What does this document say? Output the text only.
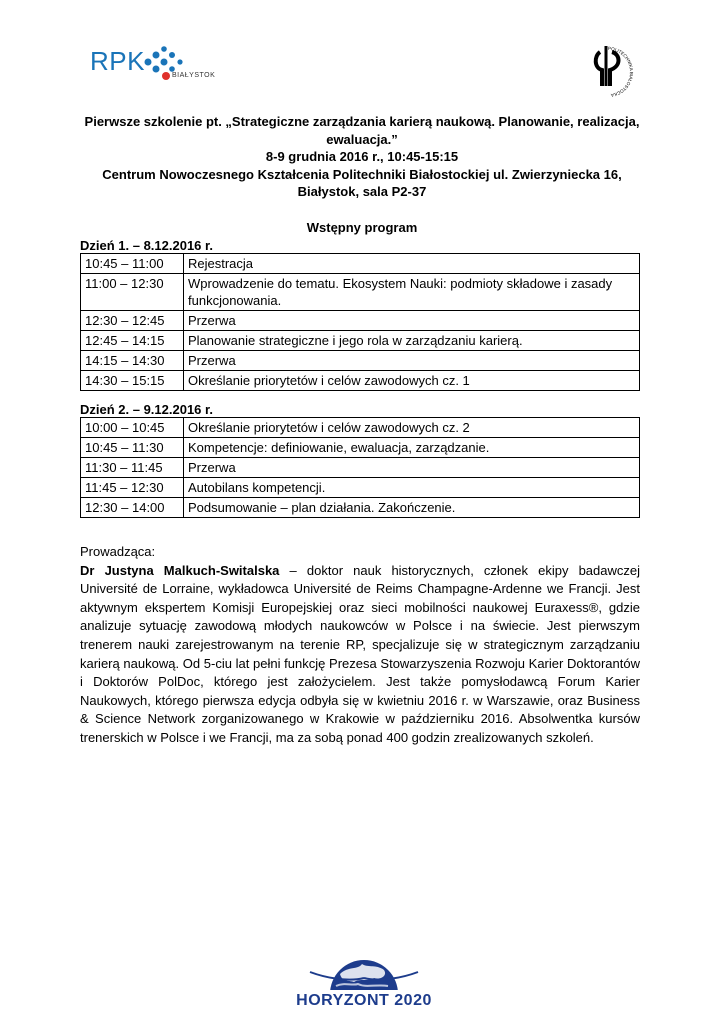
RPK	BIAŁYSTOK
POLITECHNIKA BIAŁOSTOCKA
Pierwsze szkolenie pt. „Strategiczne zarządzania karierą naukową. Planowanie, realizacja,
ewaluacja.”
8-9 grudnia 2016 r., 10:45-15:15
Centrum Nowoczesnego Kształcenia Politechniki Białostockiej ul. Zwierzyniecka 16,
Białystok, sala P2-37
Wstępny program
Dzień 1. – 8.12.2016 r.
10:45 – 11:00	Rejestracja
11:00 – 12:30	Wprowadzenie do tematu. Ekosystem Nauki: podmioty składowe i zasady funkcjonowania.
12:30 – 12:45	Przerwa
12:45 – 14:15	Planowanie strategiczne i jego rola w zarządzaniu karierą.
14:15 – 14:30	Przerwa
14:30 – 15:15	Określanie priorytetów i celów zawodowych cz. 1
Dzień 2. – 9.12.2016 r.
10:00 – 10:45	Określanie priorytetów i celów zawodowych cz. 2
10:45 – 11:30	Kompetencje: definiowanie, ewaluacja, zarządzanie.
11:30 – 11:45	Przerwa
11:45 – 12:30	Autobilans kompetencji.
12:30 – 14:00	Podsumowanie – plan działania. Zakończenie.
Prowadząca:
Dr Justyna Malkuch-Switalska – doktor nauk historycznych, członek ekipy badawczej Université de Lorraine, wykładowca Université de Reims Champagne-Ardenne we Francji. Jest aktywnym ekspertem Komisji Europejskiej oraz sieci mobilności naukowej Euraxess®, gdzie analizuje sytuację zawodową młodych naukowców w Polsce i na świecie. Jest pierwszym trenerem nauki zarejestrowanym na terenie RP, specjalizuje się w strategicznym zarządzaniu karierą naukową. Od 5-ciu lat pełni funkcję Prezesa Stowarzyszenia Rozwoju Karier Doktorantów i Doktorów PolDoc, którego jest założycielem. Jest także pomysłodawcą Forum Karier Naukowych, którego pierwsza edycja odbyła się w kwietniu 2016 r. w Warszawie, oraz Business & Science Network zorganizowanego w Krakowie w październiku 2016. Absolwentka kursów trenerskich w Polsce i we Francji, ma za sobą ponad 400 godzin zrealizowanych szkoleń.
HORYZONT 2020
